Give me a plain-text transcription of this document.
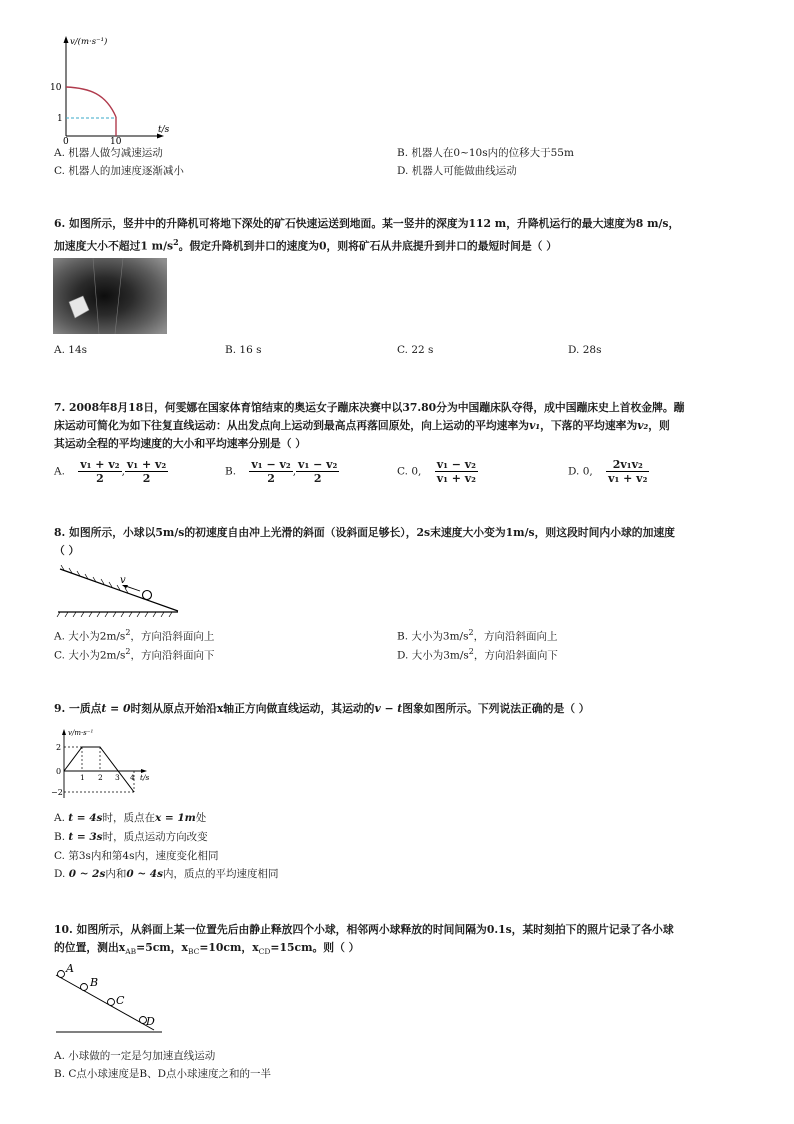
v/(m·s⁻¹)
10
1
0	10
t/s
A. 机器人做匀减速运动	B. 机器人在0~10s内的位移大于55m
C. 机器人的加速度逐渐减小	D. 机器人可能做曲线运动
6. 如图所示，竖井中的升降机可将地下深处的矿石快速运送到地面。某一竖井的深度为112 m，升降机运行的最大速度为8 m/s，
加速度大小不超过1 $m/s^2$。假定升降机到井口的速度为0，则将矿石从井底提升到井口的最短时间是（ ）
A. 14s	B. 16 s	C. 22 s	D. 28s
7. 2008年8月18日，何雯娜在国家体育馆结束的奥运女子蹦床决赛中以37.80分为中国蹦床队夺得，成中国蹦床史上首枚金牌。蹦
床运动可简化为如下往复直线运动：从出发点向上运动到最高点再落回原处，向上运动的平均速率为v₁，下落的平均速率为v₂，则
其运动全程的平均速度的大小和平均速率分别是（ ）
A. $\frac{\text{v₁ + v₂}}{2}$ , $\frac{\text{v₁ + v₂}}{2}$	B. $\frac{\text{v₁ − v₂}}{2}$ , $\frac{\text{v₁ − v₂}}{2}$	C. 0, $\frac{\text{v₁ − v₂}}{\text{v₁ + v₂}}$	D. 0, $\frac{\text{2v₁v₂}}{\text{v₁ + v₂}}$
8. 如图所示，小球以5m/s的初速度自由冲上光滑的斜面（设斜面足够长），2s末速度大小变为1m/s，则这段时间内小球的加速度
（ ）
v
A. 大小为$2m/s^2$，方向沿斜面向上	B. 大小为$3m/s^2$，方向沿斜面向上
C. 大小为$2m/s^2$，方向沿斜面向下	D. 大小为$3m/s^2$，方向沿斜面向下
9. 一质点t = 0时刻从原点开始沿x轴正方向做直线运动，其运动的v − t图象如图所示。下列说法正确的是（ ）
v/m·s⁻¹
2
0
−2
1 2 3 4 t/s
A. t = 4s时，质点在x = 1m处
B. t = 3s时，质点运动方向改变
C. 第3s内和第4s内，速度变化相同
D. 0 ~ 2s内和0 ~ 4s内，质点的平均速度相同
10. 如图所示，从斜面上某一位置先后由静止释放四个小球，相邻两小球释放的时间间隔为0.1s，某时刻拍下的照片记录了各小球
的位置，测出$x_{AB}=5cm$，$x_{BC}=10cm$，$x_{CD}=15cm$。则（ ）
A
B
C
D
A. 小球做的一定是匀加速直线运动
B. C点小球速度是B、D点小球速度之和的一半
